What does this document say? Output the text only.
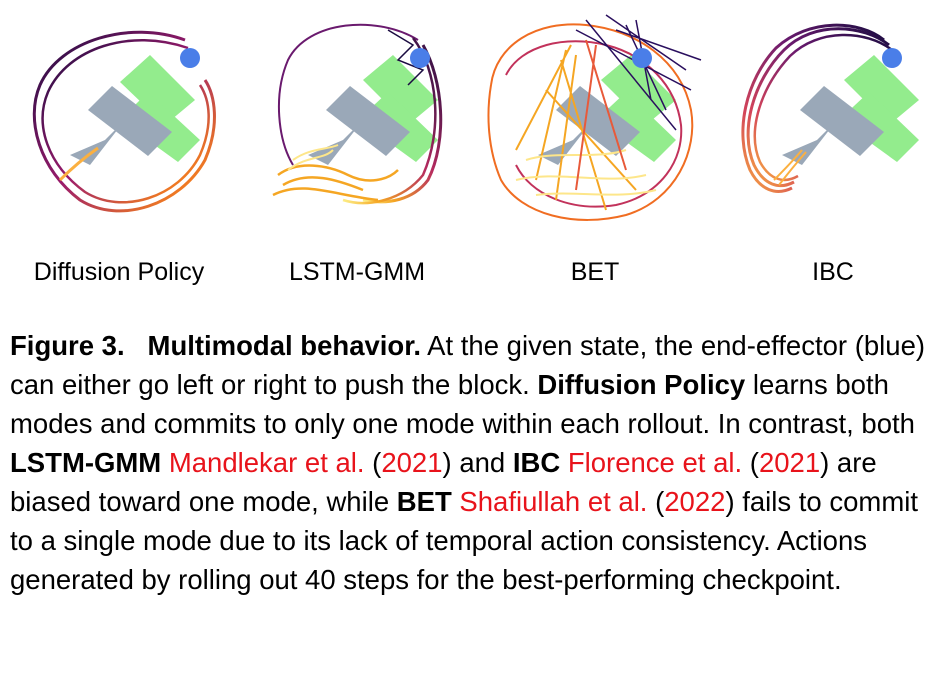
Diffusion Policy	LSTM-GMM	BET	IBC
Figure 3. Multimodal behavior. At the given state, the end-effector (blue) can either go left or right to push the block. Diffusion Policy learns both modes and commits to only one mode within each rollout. In contrast, both LSTM-GMM Mandlekar et al. (2021) and IBC Florence et al. (2021) are biased toward one mode, while BET Shafiullah et al. (2022) fails to commit to a single mode due to its lack of temporal action consistency. Actions generated by rolling out 40 steps for the best-performing checkpoint.
